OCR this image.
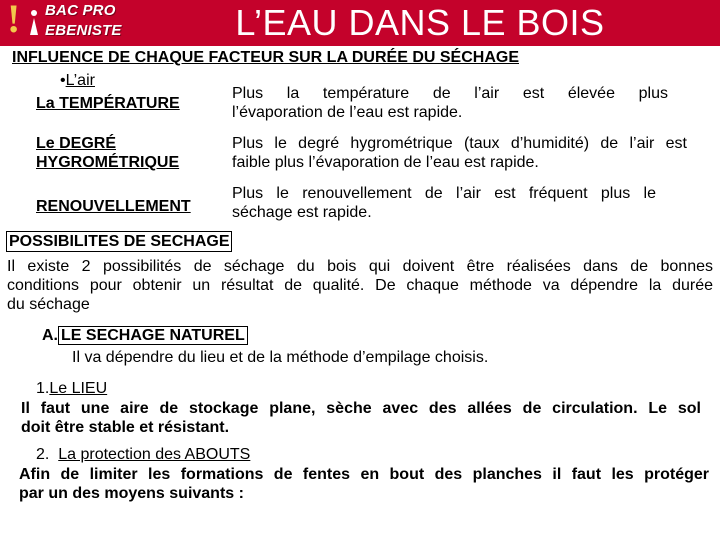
! BAC PRO
EBENISTE	L’EAU DANS LE BOIS
INFLUENCE DE CHAQUE FACTEUR SUR LA DURÉE DU SÉCHAGE
•L’air
La TEMPÉRATURE
Plus la température de l’air est élevée plus
l’évaporation de l’eau est rapide.
Le DEGRÉ
HYGROMÉTRIQUE
Plus le degré hygrométrique (taux d’humidité) de l’air est
faible plus l’évaporation de l’eau est rapide.
RENOUVELLEMENT
Plus le renouvellement de l’air est fréquent plus le
séchage est rapide.
POSSIBILITES DE SECHAGE
Il existe 2 possibilités de séchage du bois qui doivent être réalisées dans de bonnes
conditions pour obtenir un résultat de qualité. De chaque méthode va dépendre la durée
du séchage
A. LE SECHAGE NATUREL
Il va dépendre du lieu et de la méthode d’empilage choisis.
1.Le LIEU
Il faut une aire de stockage plane, sèche avec des allées de circulation. Le sol
doit être stable et résistant.
2. La protection des ABOUTS
Afin de limiter les formations de fentes en bout des planches il faut les protéger
par un des moyens suivants :
